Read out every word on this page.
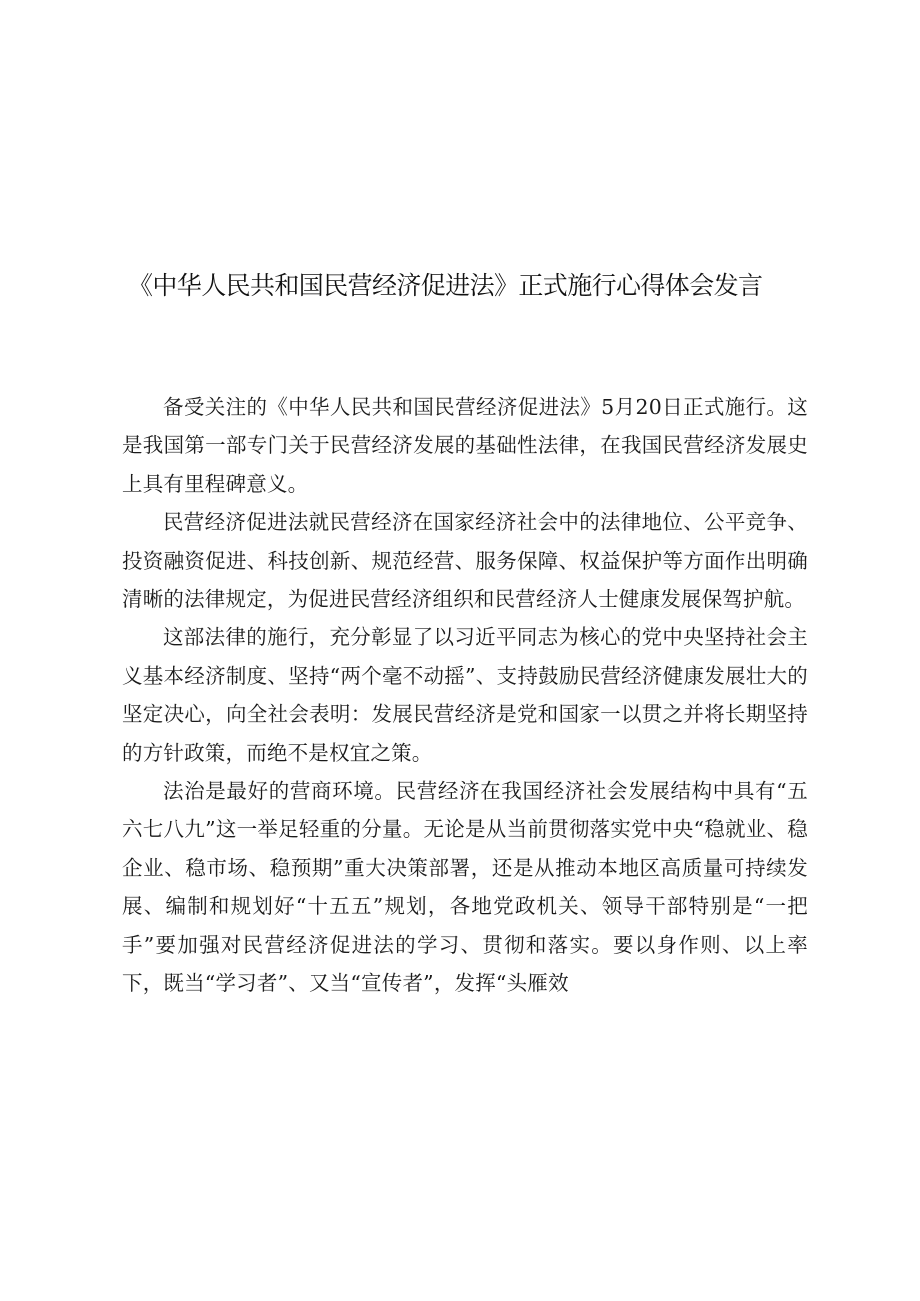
《中华人民共和国民营经济促进法》正式施行心得体会发言

备受关注的《中华人民共和国民营经济促进法》5月20日正式施行。这是我国第一部专门关于民营经济发展的基础性法律，在我国民营经济发展史上具有里程碑意义。

民营经济促进法就民营经济在国家经济社会中的法律地位、公平竞争、投资融资促进、科技创新、规范经营、服务保障、权益保护等方面作出明确清晰的法律规定，为促进民营经济组织和民营经济人士健康发展保驾护航。

这部法律的施行，充分彰显了以习近平同志为核心的党中央坚持社会主义基本经济制度、坚持“两个毫不动摇”、支持鼓励民营经济健康发展壮大的坚定决心，向全社会表明：发展民营经济是党和国家一以贯之并将长期坚持的方针政策，而绝不是权宜之策。

法治是最好的营商环境。民营经济在我国经济社会发展结构中具有“五六七八九”这一举足轻重的分量。无论是从当前贯彻落实党中央“稳就业、稳企业、稳市场、稳预期”重大决策部署，还是从推动本地区高质量可持续发展、编制和规划好“十五五”规划，各地党政机关、领导干部特别是“一把手”要加强对民营经济促进法的学习、贯彻和落实。要以身作则、以上率下，既当“学习者”、又当“宣传者”，发挥“头雁效
